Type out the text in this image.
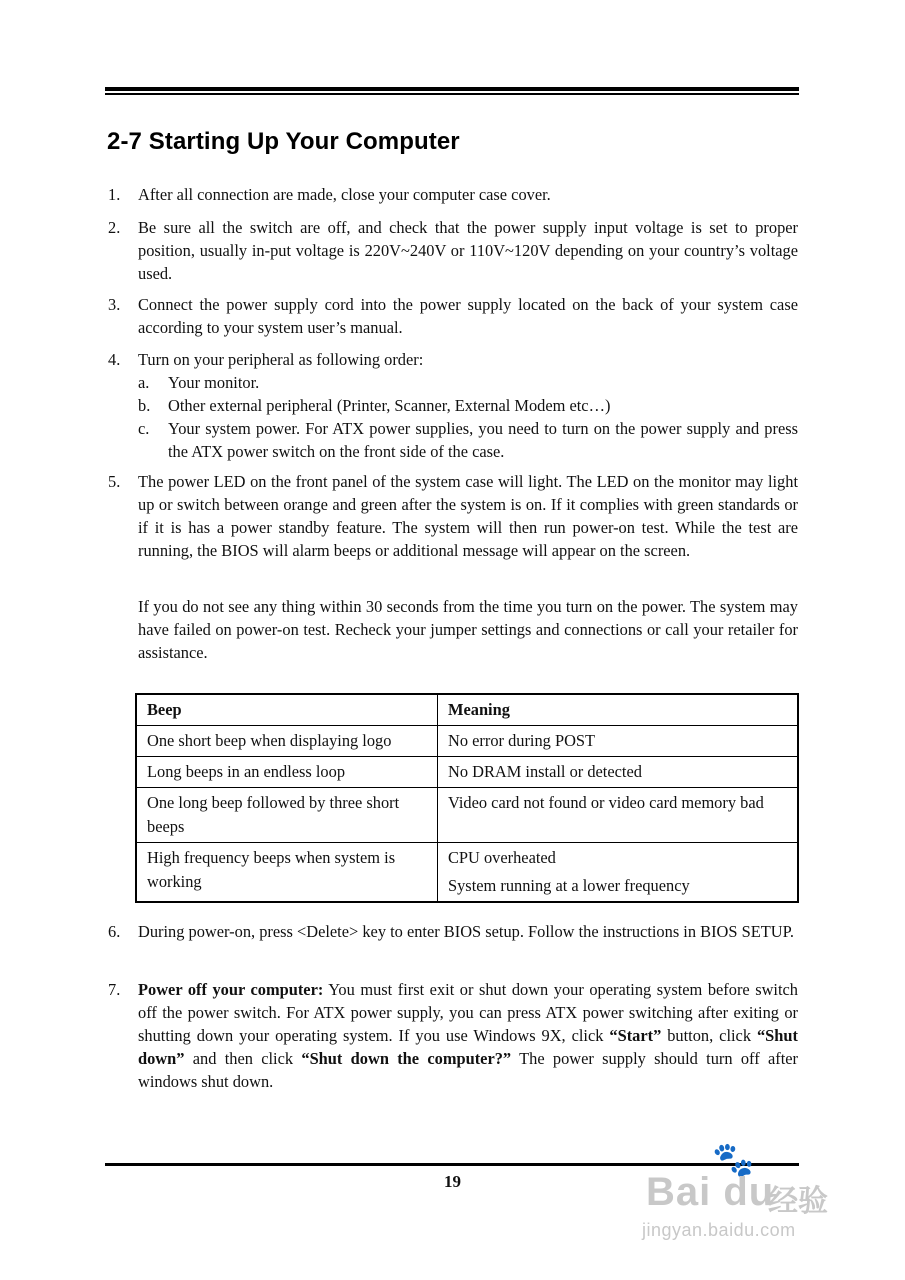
2-7 Starting Up Your Computer
1. After all connection are made, close your computer case cover.
2. Be sure all the switch are off, and check that the power supply input voltage is set to proper position, usually in-put voltage is 220V~240V or 110V~120V depending on your country’s voltage used.
3. Connect the power supply cord into the power supply located on the back of your system case according to your system user’s manual.
4. Turn on your peripheral as following order:
a. Your monitor.
b. Other external peripheral (Printer, Scanner, External Modem etc…)
c. Your system power. For ATX power supplies, you need to turn on the power supply and press the ATX power switch on the front side of the case.
5. The power LED on the front panel of the system case will light. The LED on the monitor may light up or switch between orange and green after the system is on. If it complies with green standards or if it is has a power standby feature. The system will then run power-on test. While the test are running, the BIOS will alarm beeps or additional message will appear on the screen.
If you do not see any thing within 30 seconds from the time you turn on the power. The system may have failed on power-on test. Recheck your jumper settings and connections or call your retailer for assistance.
Beep	Meaning
One short beep when displaying logo	No error during POST
Long beeps in an endless loop	No DRAM install or detected
One long beep followed by three short beeps	Video card not found or video card memory bad
High frequency beeps when system is working	CPU overheated
System running at a lower frequency
6. During power-on, press <Delete> key to enter BIOS setup. Follow the instructions in BIOS SETUP.
7. Power off your computer: You must first exit or shut down your operating system before switch off the power switch. For ATX power supply, you can press ATX power switching after exiting or shutting down your operating system. If you use Windows 9X, click “Start” button, click “Shut down” and then click “Shut down the computer?” The power supply should turn off after windows shut down.
19
🐾
Bai du
经验
jingyan.baidu.com
